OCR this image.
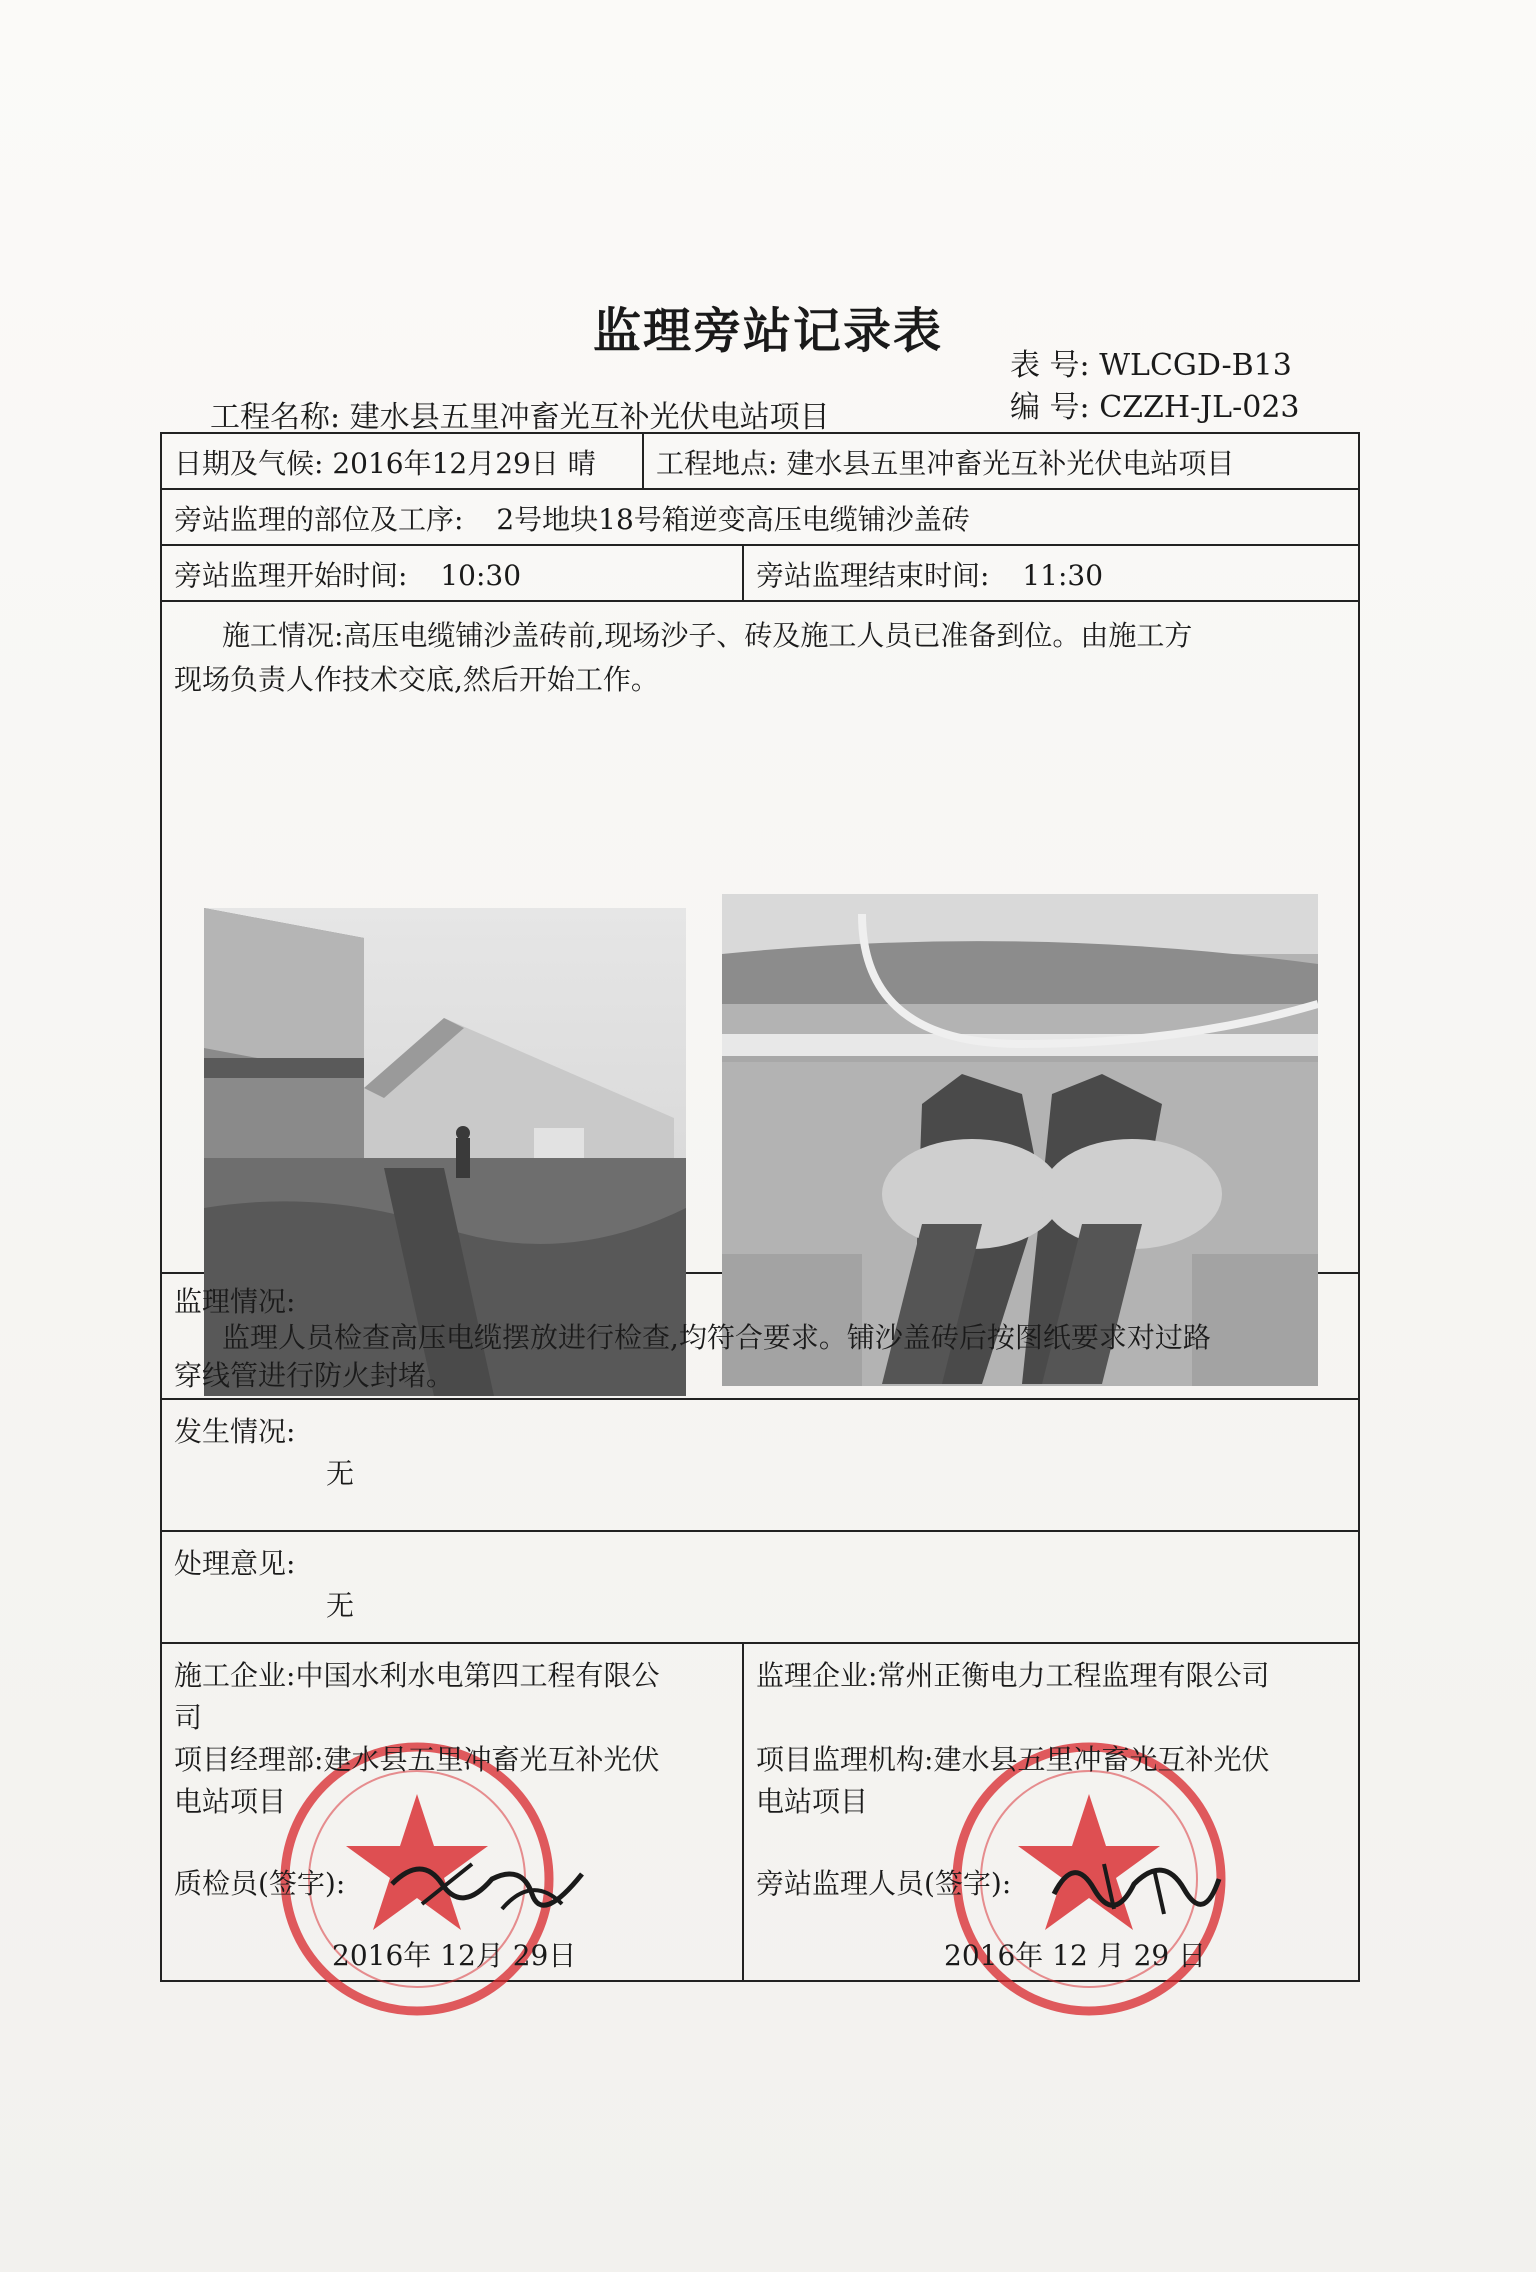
监理旁站记录表
表 号: WLCGD-B13
编 号: CZZH-JL-023
工程名称: 建水县五里冲畜光互补光伏电站项目
日期及气候: 2016年12月29日 晴	工程地点: 建水县五里冲畜光互补光伏电站项目
旁站监理的部位及工序: 2号地块18号箱逆变高压电缆铺沙盖砖
旁站监理开始时间: 10:30	旁站监理结束时间: 11:30
施工情况:高压电缆铺沙盖砖前,现场沙子、砖及施工人员已准备到位。由施工方
现场负责人作技术交底,然后开始工作。
监理情况:
监理人员检查高压电缆摆放进行检查,均符合要求。铺沙盖砖后按图纸要求对过路
穿线管进行防火封堵。
发生情况:
无
处理意见:
无
施工企业:中国水利水电第四工程有限公
司
项目经理部:建水县五里冲畜光互补光伏
电站项目
质检员(签字):
2016年 12月 29日
监理企业:常州正衡电力工程监理有限公司
项目监理机构:建水县五里冲畜光互补光伏
电站项目
旁站监理人员(签字):
2016年 12 月 29 日
